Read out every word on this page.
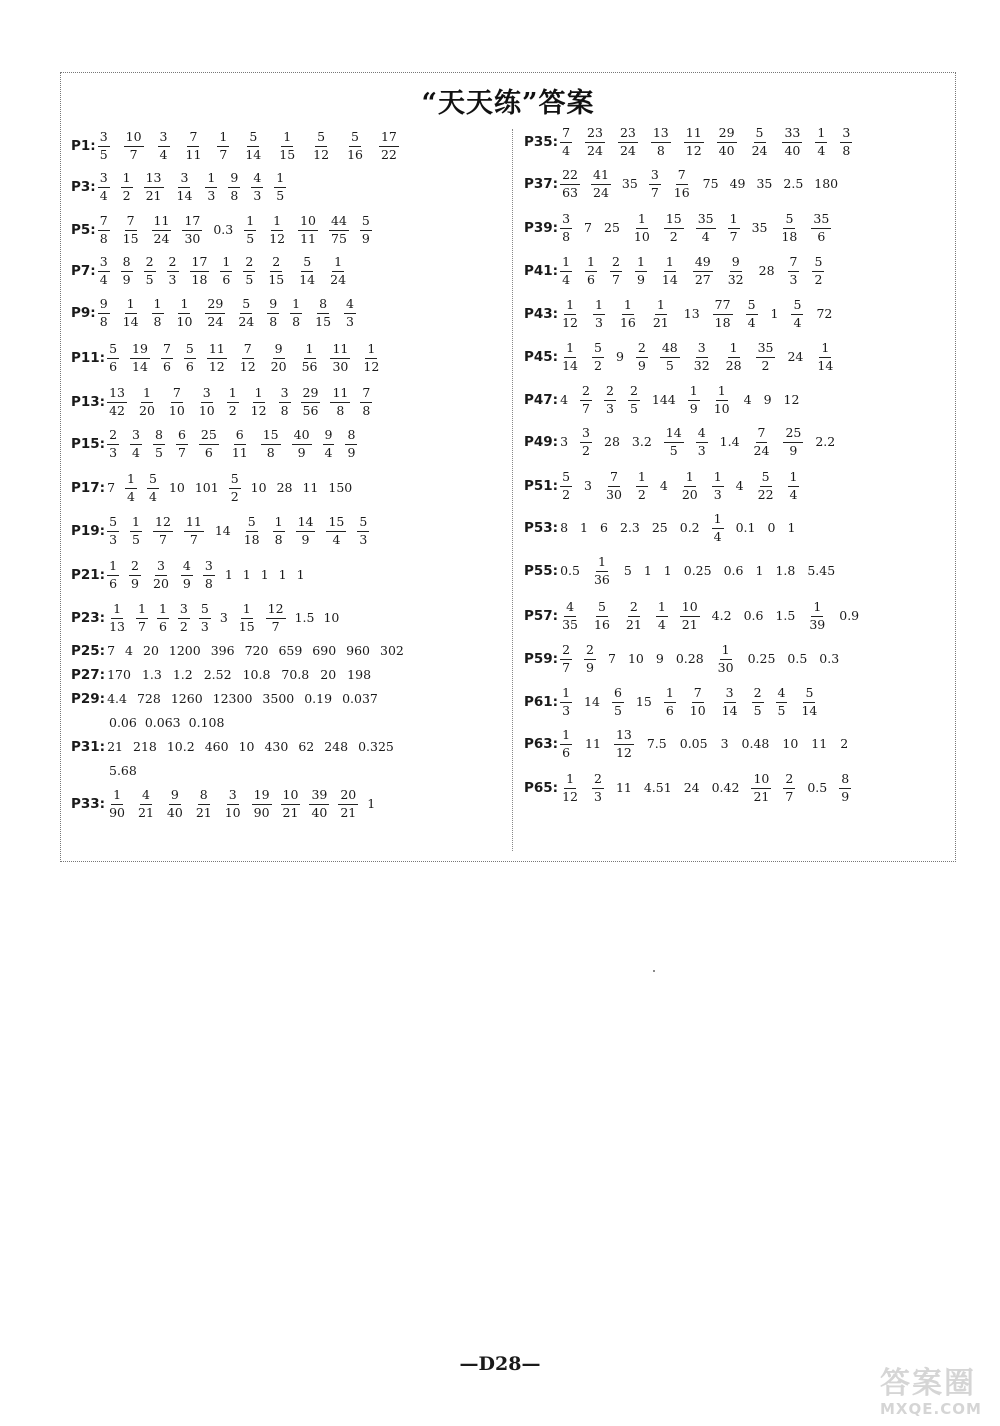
“天天练”答案
P1: $\frac{3}{5} \frac{10}{7} \frac{3}{4} \frac{7}{11} \frac{1}{7} \frac{5}{14} \frac{1}{15} \frac{5}{12} \frac{5}{16} \frac{17}{22}$
P3: $\frac{3}{4} \frac{1}{2} \frac{13}{21} \frac{3}{14} \frac{1}{3} \frac{9}{8} \frac{4}{3} \frac{1}{5}$
P5: $\frac{7}{8} \frac{7}{15} \frac{11}{24} \frac{17}{30} 0.3 \frac{1}{5} \frac{1}{12} \frac{10}{11} \frac{44}{75} \frac{5}{9}$
P7: $\frac{3}{4} \frac{8}{9} \frac{2}{5} \frac{2}{3} \frac{17}{18} \frac{1}{6} \frac{2}{5} \frac{2}{15} \frac{5}{14} \frac{1}{24}$
P9: $\frac{9}{8} \frac{1}{14} \frac{1}{8} \frac{1}{10} \frac{29}{24} \frac{5}{24} \frac{9}{8} \frac{1}{8} \frac{8}{15} \frac{4}{3}$
P11: $\frac{5}{6} \frac{19}{14} \frac{7}{6} \frac{5}{6} \frac{11}{12} \frac{7}{12} \frac{9}{20} \frac{1}{56} \frac{11}{30} \frac{1}{12}$
P13: $\frac{13}{42} \frac{1}{20} \frac{7}{10} \frac{3}{10} \frac{1}{2} \frac{1}{12} \frac{3}{8} \frac{29}{56} \frac{11}{8} \frac{7}{8}$
P15: $\frac{2}{3} \frac{3}{4} \frac{8}{5} \frac{6}{7} \frac{25}{6} \frac{6}{11} \frac{15}{8} \frac{40}{9} \frac{9}{4} \frac{8}{9}$
P17: $7 \frac{1}{4} \frac{5}{4} 10$ $101 \frac{5}{2} 10$ 28 11 150
P19: $\frac{5}{3} \frac{1}{5} \frac{12}{7} \frac{11}{7} 14 \frac{5}{18} \frac{1}{8} \frac{14}{9} \frac{15}{4} \frac{5}{3}$
P21: $\frac{1}{6} \frac{2}{9} \frac{3}{20} \frac{4}{9} \frac{3}{8} 1$ 1 1 1 1
P23: $\frac{1}{13} \frac{1}{7} \frac{1}{6} \frac{3}{2} \frac{5}{3} 3 \frac{1}{15} \frac{12}{7} 1.5$ 10
P25: 7 4 20 1200 396 720 659 690 960 302
P27: 170 1.3 1.2 2.52 10.8 70.8 20 198
P29: 4.4 728 1260 12300 3500 0.19 0.037
0.06 0.063 0.108
P31: 21 218 10.2 460 10 430 62 248 0.325
5.68
P33: $\frac{1}{90} \frac{4}{21} \frac{9}{40} \frac{8}{21} \frac{3}{10} \frac{19}{90} \frac{10}{21} \frac{39}{40} \frac{20}{21} 1$
P35: $\frac{7}{4} \frac{23}{24} \frac{23}{24} \frac{13}{8} \frac{11}{12} \frac{29}{40} \frac{5}{24} \frac{33}{40} \frac{1}{4} \frac{3}{8}$
P37: $\frac{22}{63} \frac{41}{24} 35 \frac{3}{7} \frac{7}{16} 75$ 49 35 2.5 180
P39: $\frac{3}{8} 7$ $25 \frac{1}{10} \frac{15}{2} \frac{35}{4} \frac{1}{7} 35 \frac{5}{18} \frac{35}{6}$
P41: $\frac{1}{4} \frac{1}{6} \frac{2}{7} \frac{1}{9} \frac{1}{14} \frac{49}{27} \frac{9}{32} 28 \frac{7}{3} \frac{5}{2}$
P43: $\frac{1}{12} \frac{1}{3} \frac{1}{16} \frac{1}{21} 13 \frac{77}{18} \frac{5}{4} 1 \frac{5}{4} 72$
P45: $\frac{1}{14} \frac{5}{2} 9 \frac{2}{9} \frac{48}{5} \frac{3}{32} \frac{1}{28} \frac{35}{2} 24 \frac{1}{14}$
P47: $4 \frac{2}{7} \frac{2}{3} \frac{2}{5} 144 \frac{1}{9} \frac{1}{10} 4$ 9 12
P49: $3 \frac{3}{2} 28$ $3.2 \frac{14}{5} \frac{4}{3} 1.4 \frac{7}{24} \frac{25}{9} 2.2$
P51: $\frac{5}{2} 3 \frac{7}{30} \frac{1}{2} 4 \frac{1}{20} \frac{1}{3} 4 \frac{5}{22} \frac{1}{4}$
P53: 8 1 6 2.3 25 $0.2 \frac{1}{4} 0.1$ 0 1
P55: $0.5 \frac{1}{36} 5$ 1 1 0.25 0.6 1 1.8 5.45
P57: $\frac{4}{35} \frac{5}{16} \frac{2}{21} \frac{1}{4} \frac{10}{21} 4.2$ 0.6 $1.5 \frac{1}{39} 0.9$
P59: $\frac{2}{7} \frac{2}{9} 7$ 10 9 $0.28 \frac{1}{30} 0.25$ 0.5 0.3
P61: $\frac{1}{3} 14 \frac{6}{5} 15 \frac{1}{6} \frac{7}{10} \frac{3}{14} \frac{2}{5} \frac{4}{5} \frac{5}{14}$
P63: $\frac{1}{6} 11 \frac{13}{12} 7.5$ 0.05 3 0.48 10 11 2
P65: $\frac{1}{12} \frac{2}{3} 11$ 4.51 24 $0.42 \frac{10}{21} \frac{2}{7} 0.5 \frac{8}{9}$
—D28—
答案圈
MXQE.COM
